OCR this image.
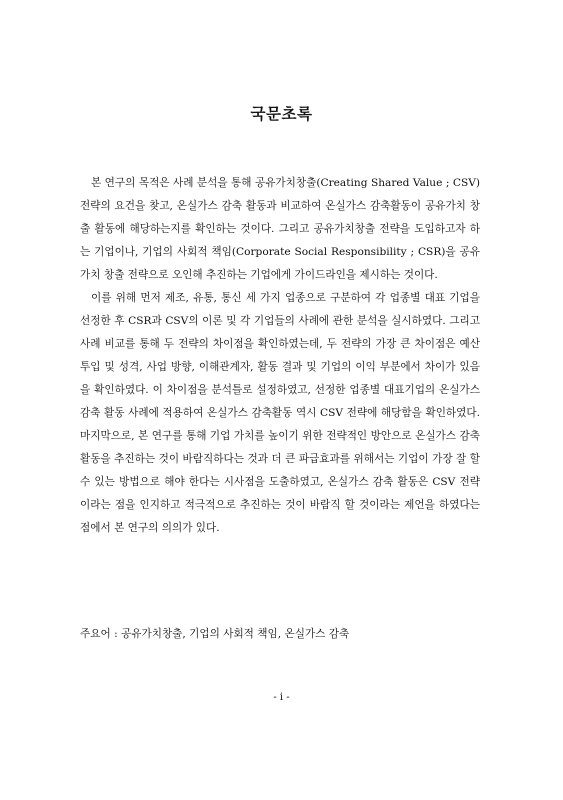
국문초록

본 연구의 목적은 사례 분석을 통해 공유가치창출(Creating Shared Value ; CSV) 전략의 요건을 찾고, 온실가스 감축 활동과 비교하여 온실가스 감축활동이 공유가치 창출 활동에 해당하는지를 확인하는 것이다. 그리고 공유가치창출 전략을 도입하고자 하는 기업이나, 기업의 사회적 책임(Corporate Social Responsibility ; CSR)을 공유가치 창출 전략으로 오인해 추진하는 기업에게 가이드라인을 제시하는 것이다.

이를 위해 먼저 제조, 유통, 통신 세 가지 업종으로 구분하여 각 업종별 대표 기업을 선정한 후 CSR과 CSV의 이론 및 각 기업들의 사례에 관한 분석을 실시하였다. 그리고 사례 비교를 통해 두 전략의 차이점을 확인하였는데, 두 전략의 가장 큰 차이점은 예산 투입 및 성격, 사업 방향, 이해관계자, 활동 결과 및 기업의 이익 부분에서 차이가 있음을 확인하였다. 이 차이점을 분석틀로 설정하였고, 선정한 업종별 대표기업의 온실가스 감축 활동 사례에 적용하여 온실가스 감축활동 역시 CSV 전략에 해당함을 확인하였다. 마지막으로, 본 연구를 통해 기업 가치를 높이기 위한 전략적인 방안으로 온실가스 감축 활동을 추진하는 것이 바람직하다는 것과 더 큰 파급효과를 위해서는 기업이 가장 잘 할 수 있는 방법으로 해야 한다는 시사점을 도출하였고, 온실가스 감축 활동은 CSV 전략이라는 점을 인지하고 적극적으로 추진하는 것이 바람직 할 것이라는 제언을 하였다는 점에서 본 연구의 의의가 있다.

주요어 : 공유가치창출, 기업의 사회적 책임, 온실가스 감축
- i -
